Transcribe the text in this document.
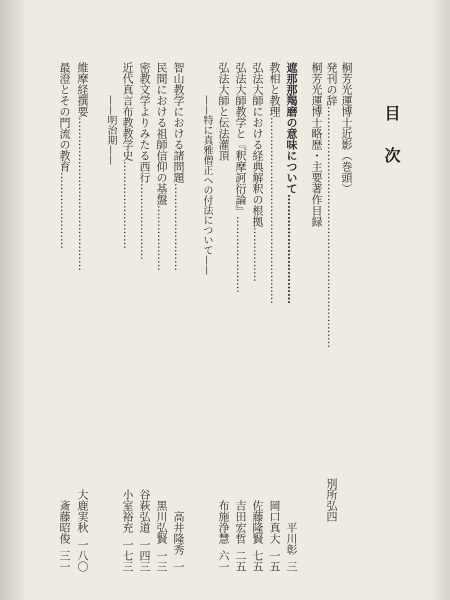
目次
桐芳光運博士近影（巻頭）
発刊の辞…………………………………………………………
別所弘四
桐芳光運博士略歴・主要著作目録
遮那那羯磨の意味について…………………………
平川彰三
教相と教理……………………………………………
岡口真大一五
弘法大師における経典解釈の根拠……………
佐藤隆賢七五
弘法大師教学と『釈摩訶衍論』…………………
吉田宏哲二五
弘法大師と伝法灌頂
布施浄慧六一
——特に真雅僧正への付法について——
智山教学における諸問題……………………
高井隆秀一
民間における祖師信仰の基盤………………
黒川弘賢一三
密教文学よりみたる西行…………………
谷萩弘道一四三
近代真言布教教学史……………………
小室裕充一七三
——明治期——
維摩経撰要……………………………………
大鹿実秋一八〇
最澄とその門流の教育…………………
斎藤昭俊三一
